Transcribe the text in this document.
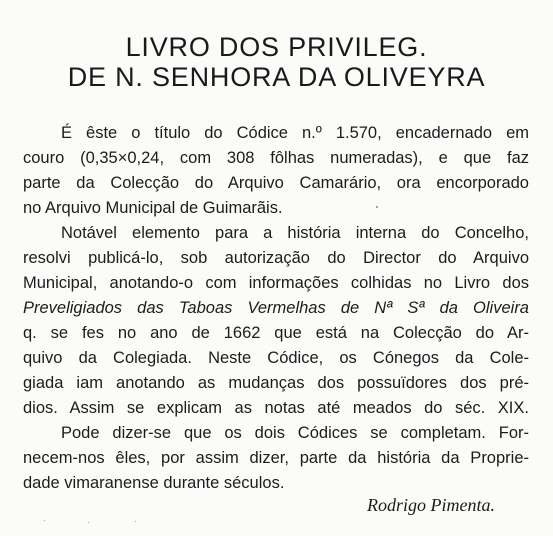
LIVRO DOS PRIVILEG.
DE N. SENHORA DA OLIVEYRA
É êste o título do Códice n.º 1.570, encadernado em
couro (0,35×0,24, com 308 fôlhas numeradas), e que faz
parte da Colecção do Arquivo Camarário, ora encorporado
no Arquivo Municipal de Guimarãis.
Notável elemento para a história interna do Concelho,
resolvi publicá-lo, sob autorização do Director do Arquivo
Municipal, anotando-o com informações colhidas no Livro dos
Preveligiados das Taboas Vermelhas de Nª Sª da Oliveira
q. se fes no ano de 1662 que está na Colecção do Ar-
quivo da Colegiada. Neste Códice, os Cónegos da Cole-
giada iam anotando as mudanças dos possuïdores dos pré-
dios. Assim se explicam as notas até meados do séc. XIX.
Pode dizer-se que os dois Códices se completam. For-
necem-nos êles, por assim dizer, parte da história da Proprie-
dade vimaranense durante séculos.
Rodrigo Pimenta.
